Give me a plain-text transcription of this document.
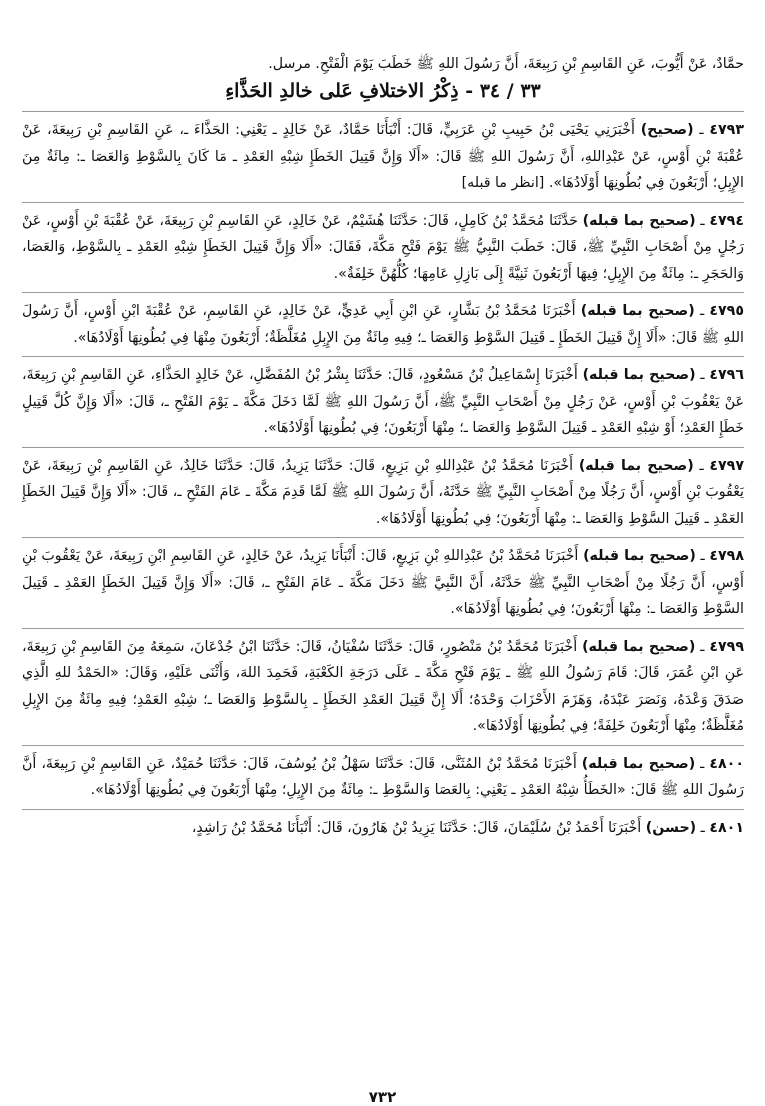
حمَّادٌ، عَنْ أَيُّوبَ، عَنِ القَاسِمِ بْنِ رَبِيعَةَ، أَنَّ رَسُولَ اللهِ ﷺ خَطَبَ يَوْمَ الْفَتْحِ. مرسل.

٣٣ / ٣٤ - ذِكْرُ الاختلافِ عَلى خالدِ الحَذَّاءِ

٤٧٩٣ ـ (صحيح) أَخْبَرَنِي يَحْيَى بْنُ حَبِيبِ بْنِ عَرَبِيٍّ، قَالَ: أَنْبَأَنَا حَمَّادٌ، عَنْ خَالِدٍ ـ يَعْنِي: الحَذَّاءَ ـ، عَنِ القَاسِمِ بْنِ رَبِيعَةَ، عَنْ عُقْبَةَ بْنِ أَوْسٍ، عَنْ عَبْدِاللهِ، أَنَّ رَسُولَ اللهِ ﷺ قَالَ: «أَلَا وَإِنَّ قَتِيلَ الخَطَإِ شِبْهِ العَمْدِ ـ مَا كَانَ بِالسَّوْطِ وَالعَصَا ـ: مِائَةٌ مِنَ الإِبِلِ؛ أَرْبَعُونَ فِي بُطُونِهَا أَوْلَادُهَا». [انظر ما قبله]

٤٧٩٤ ـ (صحيح بما قبله) حَدَّثَنَا مُحَمَّدُ بْنُ كَامِلٍ، قَالَ: حَدَّثَنَا هُشَيْمٌ، عَنْ خَالِدٍ، عَنِ القَاسِمِ بْنِ رَبِيعَةَ، عَنْ عُقْبَةَ بْنِ أَوْسٍ، عَنْ رَجُلٍ مِنْ أَصْحَابِ النَّبِيِّ ﷺ، قَالَ: خَطَبَ النَّبِيُّ ﷺ يَوْمَ فَتْحِ مَكَّةَ، فَقَالَ: «أَلَا وَإِنَّ قَتِيلَ الخَطَإِ شِبْهِ العَمْدِ ـ بِالسَّوْطِ، وَالعَصَا، وَالحَجَرِ ـ: مِائَةٌ مِنَ الإِبِلِ؛ فِيهَا أَرْبَعُونَ ثَنِيَّةً إِلَى بَازِلِ عَامِهَا؛ كُلُّهُنَّ خَلِفَةٌ».

٤٧٩٥ ـ (صحيح بما قبله) أَخْبَرَنَا مُحَمَّدُ بْنُ بَشَّارٍ، عَنِ ابْنِ أَبِي عَدِيٍّ، عَنْ خَالِدٍ، عَنِ القَاسِمِ، عَنْ عُقْبَةَ ابْنِ أَوْسٍ، أَنَّ رَسُولَ اللهِ ﷺ قَالَ: «أَلَا إِنَّ قَتِيلَ الخَطَإِ ـ قَتِيلَ السَّوْطِ وَالعَصَا ـ؛ فِيهِ مِائَةٌ مِنَ الإِبِلِ مُغَلَّظَةٌ؛ أَرْبَعُونَ مِنْهَا فِي بُطُونِهَا أَوْلَادُهَا».

٤٧٩٦ ـ (صحيح بما قبله) أَخْبَرَنَا إِسْمَاعِيلُ بْنُ مَسْعُودٍ، قَالَ: حَدَّثَنَا بِشْرُ بْنُ المُفَضَّلِ، عَنْ خَالِدٍ الحَذَّاءِ، عَنِ القَاسِمِ بْنِ رَبِيعَةَ، عَنْ يَعْقُوبَ بْنِ أَوْسٍ، عَنْ رَجُلٍ مِنْ أَصْحَابِ النَّبِيِّ ﷺ، أَنَّ رَسُولَ اللهِ ﷺ لَمَّا دَخَلَ مَكَّةَ ـ يَوْمَ الفَتْحِ ـ، قَالَ: «أَلَا وَإِنَّ كُلَّ قَتِيلٍ خَطَإِ العَمْدِ؛ أَوْ شِبْهِ العَمْدِ ـ قَتِيلَ السَّوْطِ وَالعَصَا ـ؛ مِنْهَا أَرْبَعُونَ؛ فِي بُطُونِهَا أَوْلَادُهَا».

٤٧٩٧ ـ (صحيح بما قبله) أَخْبَرَنَا مُحَمَّدُ بْنُ عَبْدِاللهِ بْنِ بَزِيعٍ، قَالَ: حَدَّثَنَا يَزِيدُ، قَالَ: حَدَّثَنَا خَالِدٌ، عَنِ القَاسِمِ بْنِ رَبِيعَةَ، عَنْ يَعْقُوبَ بْنِ أَوْسٍ، أَنَّ رَجُلًا مِنْ أَصْحَابِ النَّبِيِّ ﷺ حَدَّثَهُ، أَنَّ رَسُولَ اللهِ ﷺ لَمَّا قَدِمَ مَكَّةَ ـ عَامَ الفَتْحِ ـ، قَالَ: «أَلَا وَإِنَّ قَتِيلَ الخَطَإِ العَمْدِ ـ قَتِيلَ السَّوْطِ وَالعَصَا ـ: مِنْهَا أَرْبَعُونَ؛ فِي بُطُونِهَا أَوْلَادُهَا».

٤٧٩٨ ـ (صحيح بما قبله) أَخْبَرَنَا مُحَمَّدُ بْنُ عَبْدِاللهِ بْنِ بَزِيعٍ، قَالَ: أَنْبَأَنَا يَزِيدُ، عَنْ خَالِدٍ، عَنِ القَاسِمِ ابْنِ رَبِيعَةَ، عَنْ يَعْقُوبَ بْنِ أَوْسٍ، أَنَّ رَجُلًا مِنْ أَصْحَابِ النَّبِيِّ ﷺ حَدَّثَهُ، أَنَّ النَّبِيَّ ﷺ دَخَلَ مَكَّةَ ـ عَامَ الفَتْحِ ـ، قَالَ: «أَلَا وَإِنَّ قَتِيلَ الخَطَإِ العَمْدِ ـ قَتِيلَ السَّوْطِ وَالعَصَا ـ: مِنْهَا أَرْبَعُونَ؛ فِي بُطُونِهَا أَوْلَادُهَا».

٤٧٩٩ ـ (صحيح بما قبله) أَخْبَرَنَا مُحَمَّدُ بْنُ مَنْصُورٍ، قَالَ: حَدَّثَنَا سُفْيَانُ، قَالَ: حَدَّثَنَا ابْنُ جُدْعَانَ، سَمِعَهُ مِنَ القَاسِمِ بْنِ رَبِيعَةَ، عَنِ ابْنِ عُمَرَ، قَالَ: قَامَ رَسُولُ اللهِ ﷺ ـ يَوْمَ فَتْحِ مَكَّةَ ـ عَلَى دَرَجَةِ الكَعْبَةِ، فَحَمِدَ اللهَ، وَأَثْنَى عَلَيْهِ، وَقَالَ: «الحَمْدُ للهِ الَّذِي صَدَقَ وَعْدَهُ، وَنَصَرَ عَبْدَهُ، وَهَزَمَ الأَحْزَابَ وَحْدَهُ؛ أَلَا إِنَّ قَتِيلَ العَمْدِ الخَطَإِ ـ بِالسَّوْطِ وَالعَصَا ـ؛ شِبْهِ العَمْدِ؛ فِيهِ مِائَةٌ مِنَ الإِبِلِ مُغَلَّظَةٌ؛ مِنْهَا أَرْبَعُونَ خَلِفَةً؛ فِي بُطُونِهَا أَوْلَادُهَا».

٤٨٠٠ ـ (صحيح بما قبله) أَخْبَرَنَا مُحَمَّدُ بْنُ المُثَنَّى، قَالَ: حَدَّثَنَا سَهْلُ بْنُ يُوسُفَ، قَالَ: حَدَّثَنَا حُمَيْدٌ، عَنِ القَاسِمِ بْنِ رَبِيعَةَ، أَنَّ رَسُولَ اللهِ ﷺ قَالَ: «الخَطَأُ شِبْهُ العَمْدِ ـ يَعْنِي: بِالعَصَا وَالسَّوْطِ ـ: مِائَةٌ مِنَ الإِبِلِ؛ مِنْهَا أَرْبَعُونَ فِي بُطُونِهَا أَوْلَادُهَا».

٤٨٠١ ـ (حسن) أَخْبَرَنَا أَحْمَدُ بْنُ سُلَيْمَانَ، قَالَ: حَدَّثَنَا يَزِيدُ بْنُ هَارُونَ، قَالَ: أَنْبَأَنَا مُحَمَّدُ بْنُ رَاشِدٍ،

٧٣٢
